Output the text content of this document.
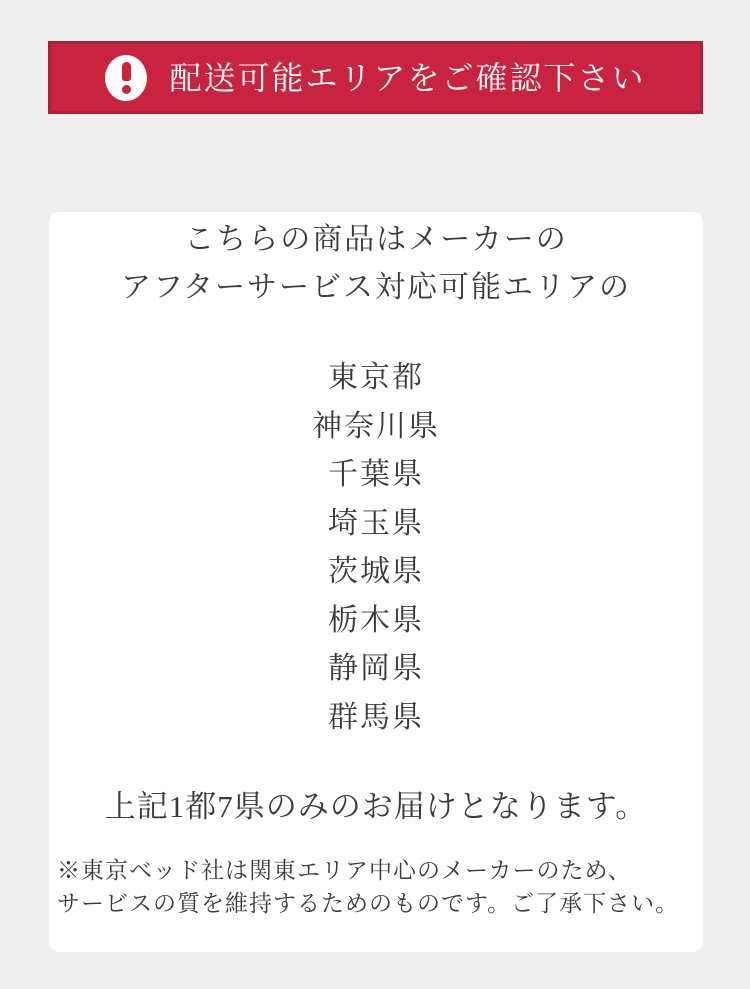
配送可能エリアをご確認下さい
こちらの商品はメーカーの
アフターサービス対応可能エリアの
東京都
神奈川県
千葉県
埼玉県
茨城県
栃木県
静岡県
群馬県
上記1都7県のみのお届けとなります。
※東京ベッド社は関東エリア中心のメーカーのため、
サービスの質を維持するためのものです。ご了承下さい。
